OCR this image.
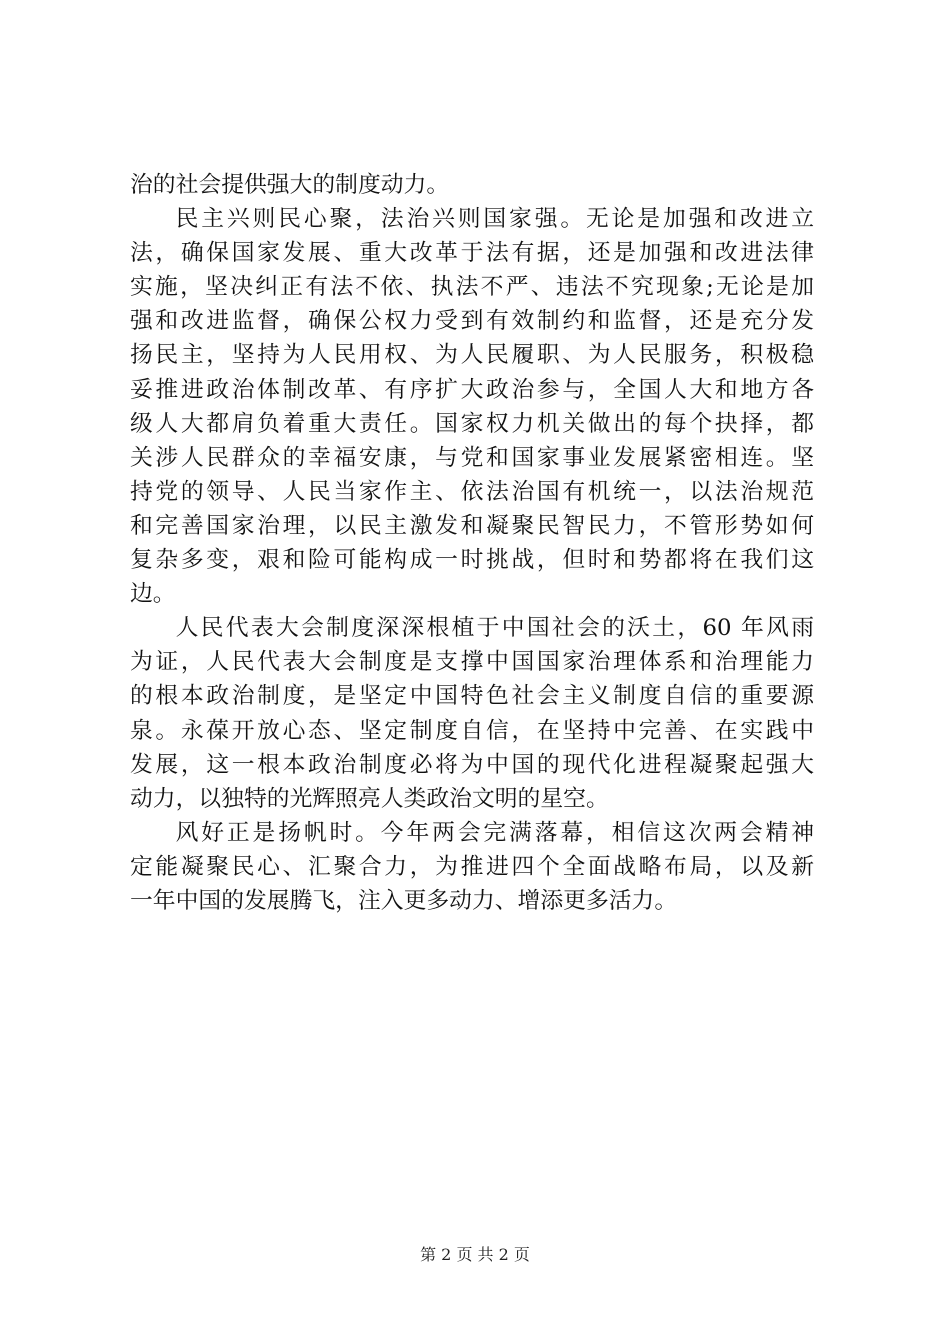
治的社会提供强大的制度动力。

民主兴则民心聚，法治兴则国家强。无论是加强和改进立
法，确保国家发展、重大改革于法有据，还是加强和改进法律
实施，坚决纠正有法不依、执法不严、违法不究现象;无论是加
强和改进监督，确保公权力受到有效制约和监督，还是充分发
扬民主，坚持为人民用权、为人民履职、为人民服务，积极稳
妥推进政治体制改革、有序扩大政治参与，全国人大和地方各
级人大都肩负着重大责任。国家权力机关做出的每个抉择，都
关涉人民群众的幸福安康，与党和国家事业发展紧密相连。坚
持党的领导、人民当家作主、依法治国有机统一，以法治规范
和完善国家治理，以民主激发和凝聚民智民力，不管形势如何
复杂多变，艰和险可能构成一时挑战，但时和势都将在我们这
边。

人民代表大会制度深深根植于中国社会的沃土，60 年风雨
为证，人民代表大会制度是支撑中国国家治理体系和治理能力
的根本政治制度，是坚定中国特色社会主义制度自信的重要源
泉。永葆开放心态、坚定制度自信，在坚持中完善、在实践中
发展，这一根本政治制度必将为中国的现代化进程凝聚起强大
动力，以独特的光辉照亮人类政治文明的星空。

风好正是扬帆时。今年两会完满落幕，相信这次两会精神
定能凝聚民心、汇聚合力，为推进四个全面战略布局，以及新
一年中国的发展腾飞，注入更多动力、增添更多活力。

第 2 页 共 2 页
